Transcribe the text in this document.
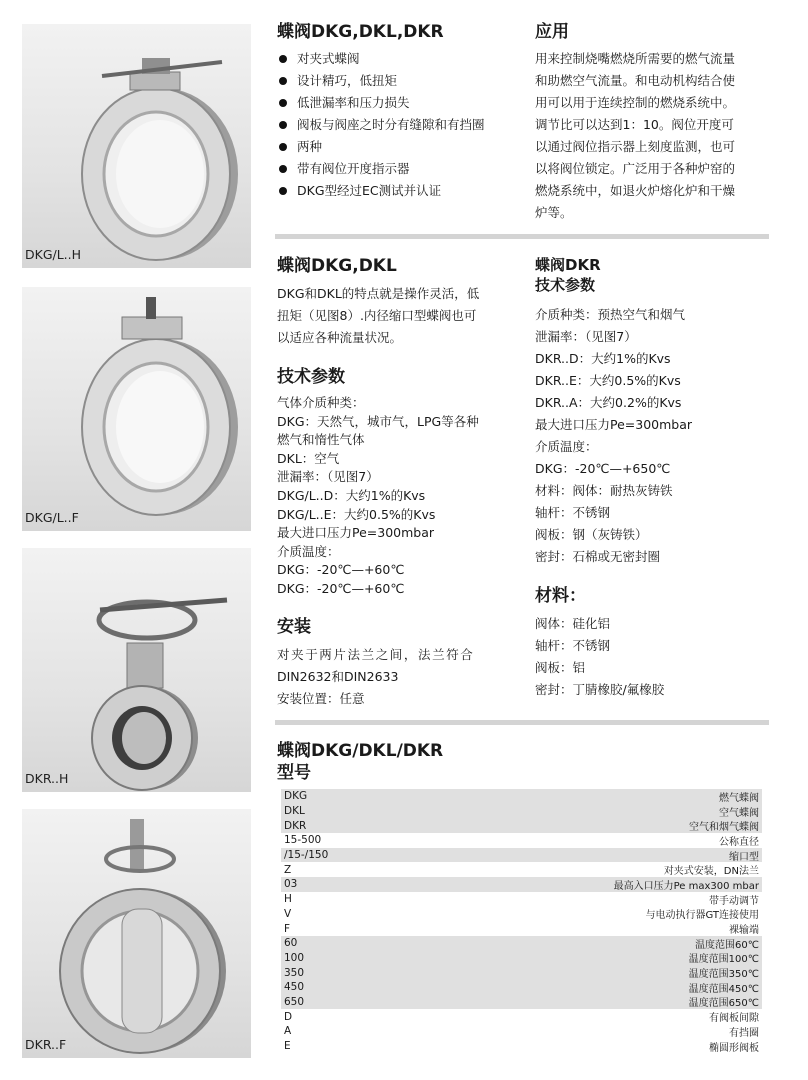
DKG/L..H
DKG/L..F
DKR..H
DKR..F
蝶阀DKG,DKL,DKR
对夹式蝶阀
设计精巧，低扭矩
低泄漏率和压力损失
阀板与阀座之时分有缝隙和有挡圈
两种
带有阀位开度指示器
DKG型经过EC测试并认证
应用
用来控制烧嘴燃烧所需要的燃气流量
和助燃空气流量。和电动机构结合使
用可以用于连续控制的燃烧系统中。
调节比可以达到1：10。阀位开度可
以通过阀位指示器上刻度监测，也可
以将阀位锁定。广泛用于各种炉窑的
燃烧系统中，如退火炉熔化炉和干燥
炉等。
蝶阀DKG,DKL
DKG和DKL的特点就是操作灵活，低
扭矩（见图8）.内径缩口型蝶阀也可
以适应各种流量状况。
技术参数
气体介质种类：
DKG：天然气，城市气，LPG等各种
燃气和惰性气体
DKL：空气
泄漏率：（见图7）
DKG/L..D：大约1%的Kvs
DKG/L..E：大约0.5%的Kvs
最大进口压力Pe=300mbar
介质温度：
DKG：-20℃—+60℃
DKG：-20℃—+60℃
安装
对夹于两片法兰之间，法兰符合
DIN2632和DIN2633
安装位置：任意
蝶阀DKR
技术参数
介质种类：预热空气和烟气
泄漏率：（见图7）
DKR..D：大约1%的Kvs
DKR..E：大约0.5%的Kvs
DKR..A：大约0.2%的Kvs
最大进口压力Pe=300mbar
介质温度：
DKG：-20℃—+650℃
材料：阀体：耐热灰铸铁
轴杆：不锈钢
阀板：钢（灰铸铁）
密封：石棉或无密封圈
材料：
阀体：硅化铝
轴杆：不锈钢
阀板：铝
密封：丁腈橡胶/氟橡胶
蝶阀DKG/DKL/DKR
型号
DKG	燃气蝶阀
DKL	空气蝶阀
DKR	空气和烟气蝶阀
15-500	公称直径
/15-/150	缩口型
Z	对夹式安装，DN法兰
03	最高入口压力Pe max300 mbar
H	带手动调节
V	与电动执行器GT连接使用
F	裸输端
60	温度范围60℃
100	温度范围100℃
350	温度范围350℃
450	温度范围450℃
650	温度范围650℃
D	有阀板间隙
A	有挡圈
E	椭圆形阀板
